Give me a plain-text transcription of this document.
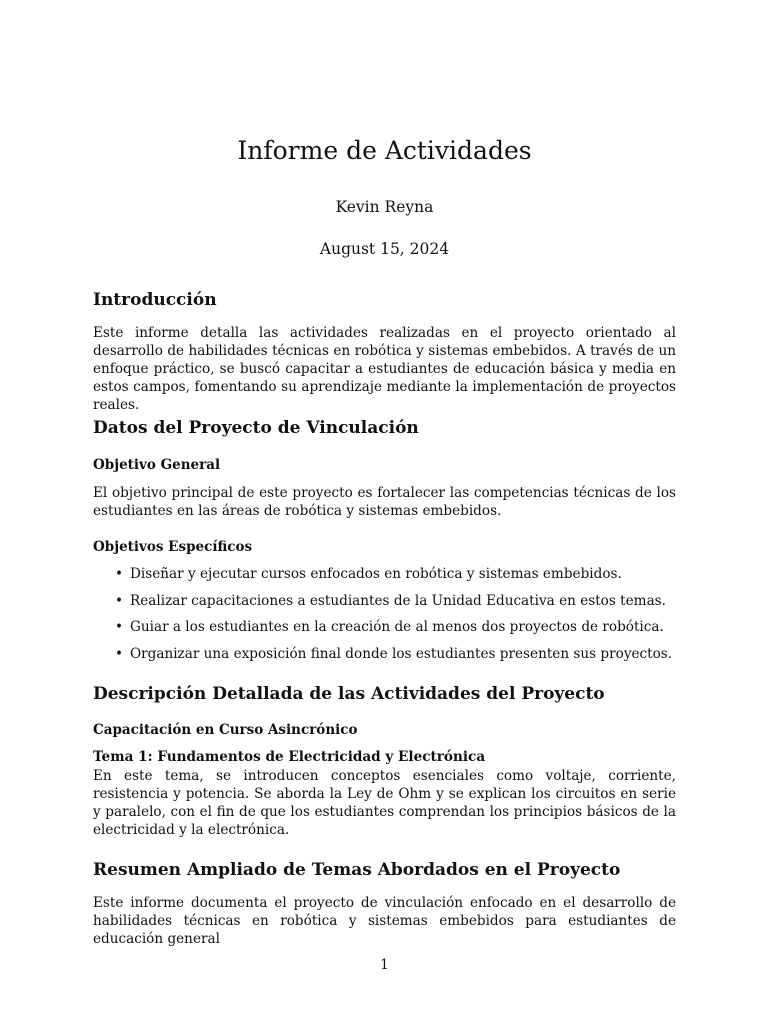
Informe de Actividades
Kevin Reyna
August 15, 2024
Introducción

Este informe detalla las actividades realizadas en el proyecto orientado al desarrollo de habilidades técnicas en robótica y sistemas embebidos. A través de un enfoque práctico, se buscó capacitar a estudiantes de educación básica y media en estos campos, fomentando su aprendizaje mediante la implementación de proyectos reales.

Datos del Proyecto de Vinculación
Objetivo General

El objetivo principal de este proyecto es fortalecer las competencias técnicas de los estudiantes en las áreas de robótica y sistemas embebidos.

Objetivos Específicos
• Diseñar y ejecutar cursos enfocados en robótica y sistemas embebidos.
• Realizar capacitaciones a estudiantes de la Unidad Educativa en estos temas.
• Guiar a los estudiantes en la creación de al menos dos proyectos de robótica.
• Organizar una exposición final donde los estudiantes presenten sus proyectos.
Descripción Detallada de las Actividades del Proyecto
Capacitación en Curso Asincrónico
Tema 1: Fundamentos de Electricidad y Electrónica

En este tema, se introducen conceptos esenciales como voltaje, corriente, resistencia y potencia. Se aborda la Ley de Ohm y se explican los circuitos en serie y paralelo, con el fin de que los estudiantes comprendan los principios básicos de la electricidad y la electrónica.

Resumen Ampliado de Temas Abordados en el Proyecto

Este informe documenta el proyecto de vinculación enfocado en el desarrollo de habilidades técnicas en robótica y sistemas embebidos para estudiantes de educación general

1
